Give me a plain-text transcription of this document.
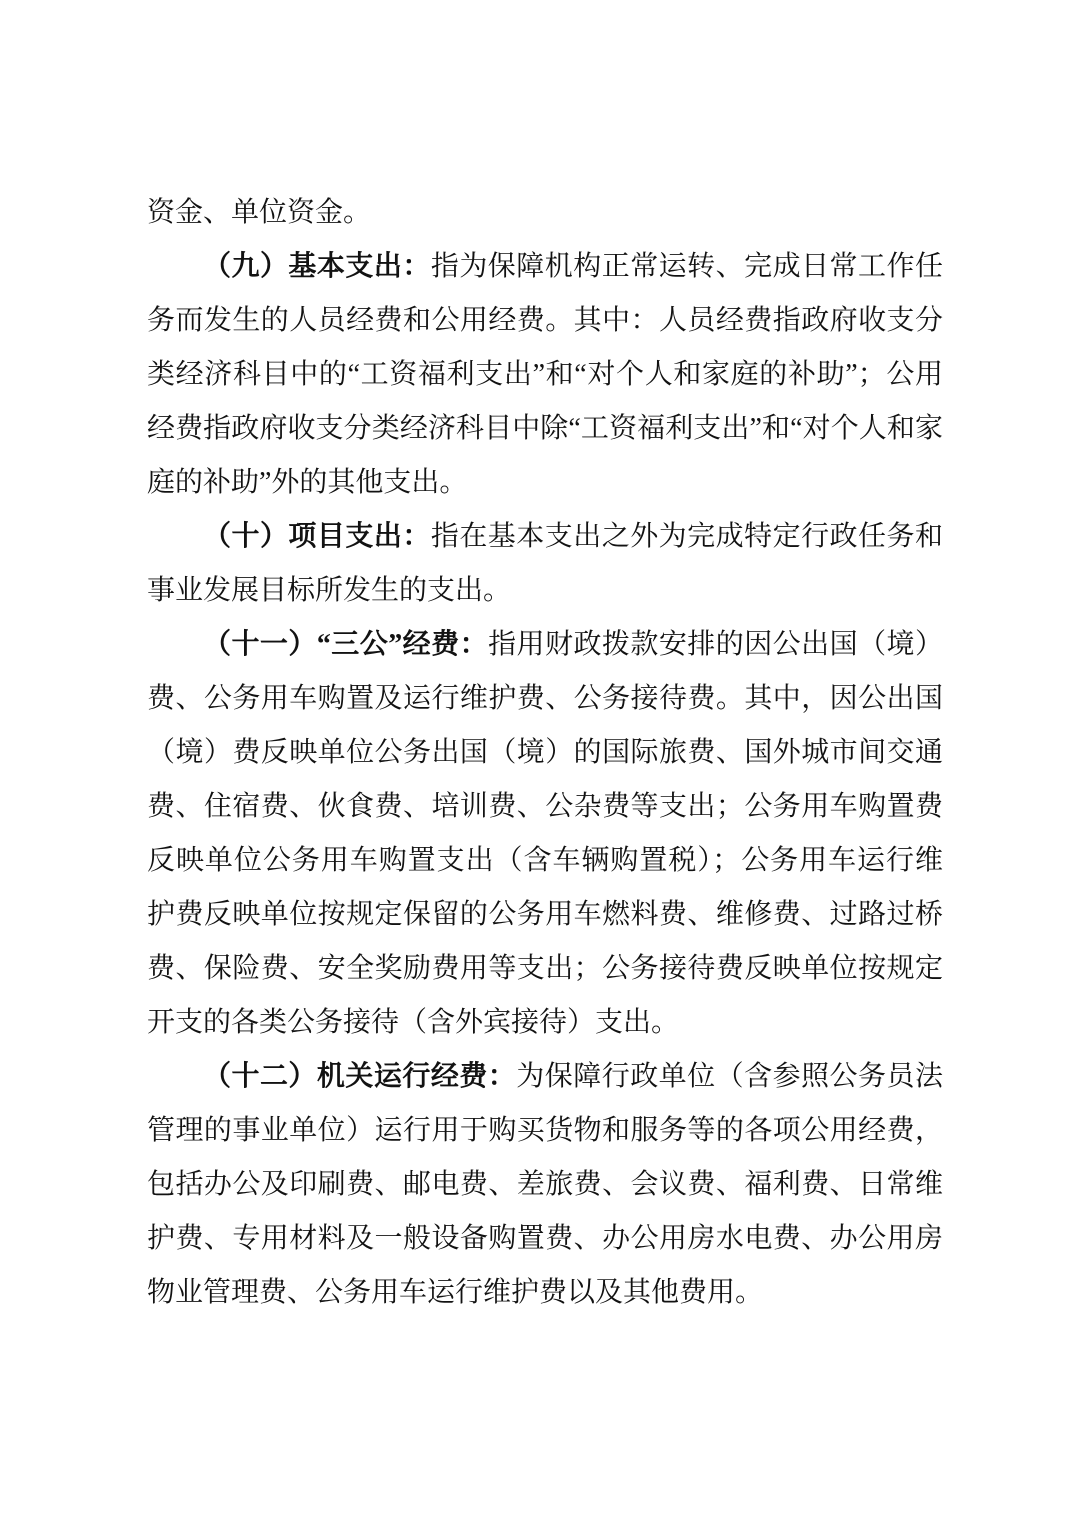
资金、单位资金。

（九）基本支出：指为保障机构正常运转、完成日常工作任务而发生的人员经费和公用经费。其中：人员经费指政府收支分类经济科目中的“工资福利支出”和“对个人和家庭的补助”；公用经费指政府收支分类经济科目中除“工资福利支出”和“对个人和家庭的补助”外的其他支出。

（十）项目支出：指在基本支出之外为完成特定行政任务和事业发展目标所发生的支出。

（十一）“三公”经费：指用财政拨款安排的因公出国（境）费、公务用车购置及运行维护费、公务接待费。其中，因公出国（境）费反映单位公务出国（境）的国际旅费、国外城市间交通费、住宿费、伙食费、培训费、公杂费等支出；公务用车购置费反映单位公务用车购置支出（含车辆购置税）；公务用车运行维护费反映单位按规定保留的公务用车燃料费、维修费、过路过桥费、保险费、安全奖励费用等支出；公务接待费反映单位按规定开支的各类公务接待（含外宾接待）支出。

（十二）机关运行经费：为保障行政单位（含参照公务员法管理的事业单位）运行用于购买货物和服务等的各项公用经费，包括办公及印刷费、邮电费、差旅费、会议费、福利费、日常维护费、专用材料及一般设备购置费、办公用房水电费、办公用房物业管理费、公务用车运行维护费以及其他费用。
